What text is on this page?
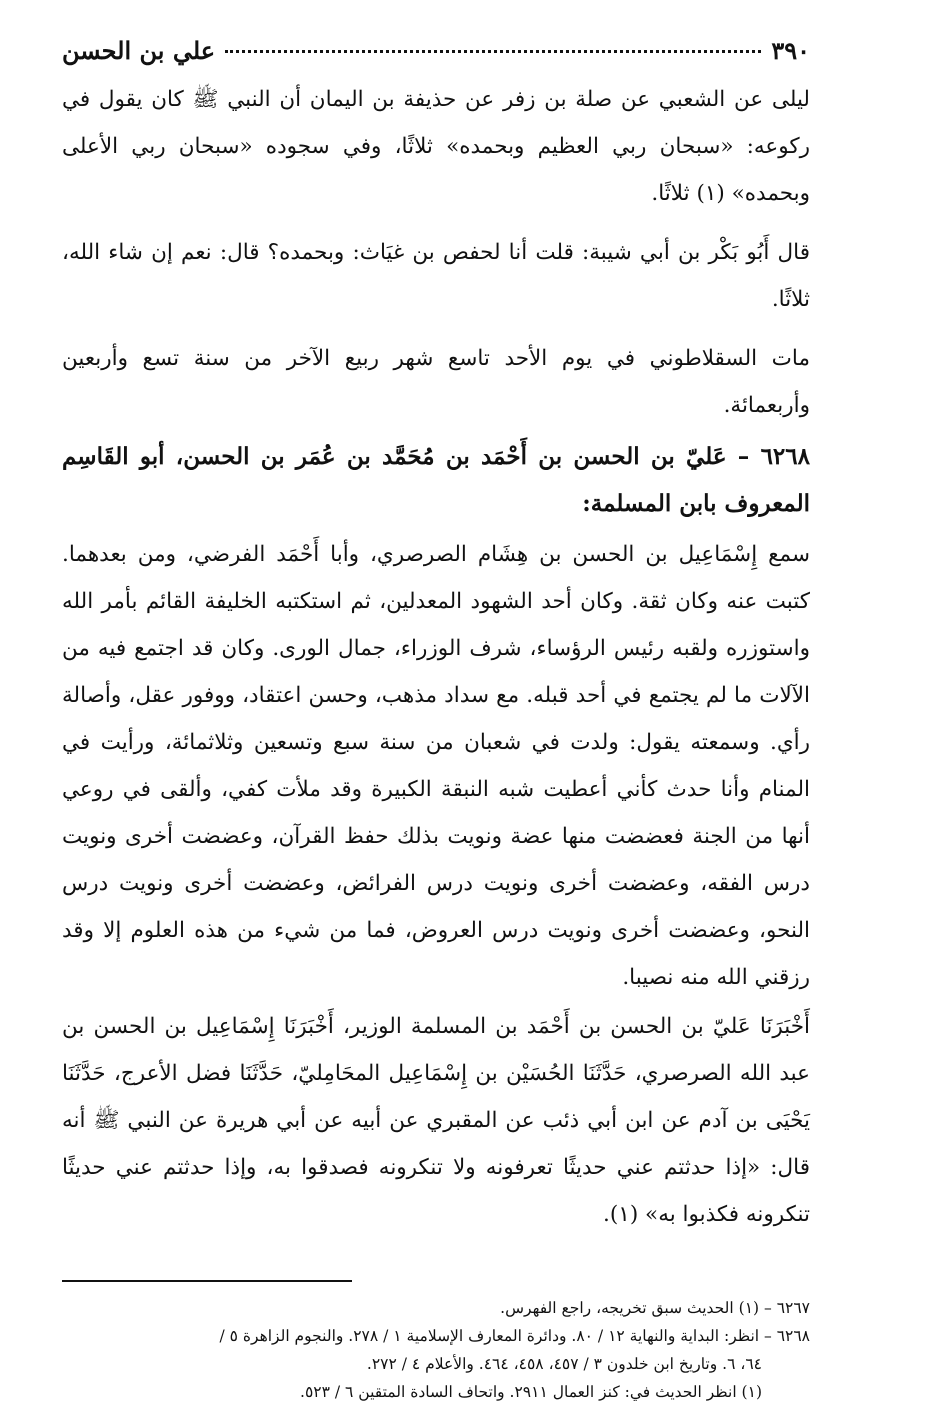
٣٩٠
علي بن الحسن

ليلى عن الشعبي عن صلة بن زفر عن حذيفة بن اليمان أن النبي ﷺ كان يقول في ركوعه: «سبحان ربي العظيم وبحمده» ثلاثًا، وفي سجوده «سبحان ربي الأعلى وبحمده» (١) ثلاثًا.

قال أَبُو بَكْر بن أبي شيبة: قلت أنا لحفص بن غيَاث: وبحمده؟ قال: نعم إن شاء الله، ثلاثًا.

مات السقلاطوني في يوم الأحد تاسع شهر ربيع الآخر من سنة تسع وأربعين وأربعمائة.

٦٢٦٨ – عَليّ بن الحسن بن أَحْمَد بن مُحَمَّد بن عُمَر بن الحسن، أبو القَاسِم المعروف بابن المسلمة:

سمع إِسْمَاعِيل بن الحسن بن هِشَام الصرصري، وأبا أَحْمَد الفرضي، ومن بعدهما. كتبت عنه وكان ثقة. وكان أحد الشهود المعدلين، ثم استكتبه الخليفة القائم بأمر الله واستوزره ولقبه رئيس الرؤساء، شرف الوزراء، جمال الورى. وكان قد اجتمع فيه من الآلات ما لم يجتمع في أحد قبله. مع سداد مذهب، وحسن اعتقاد، ووفور عقل، وأصالة رأي. وسمعته يقول: ولدت في شعبان من سنة سبع وتسعين وثلاثمائة، ورأيت في المنام وأنا حدث كأني أعطيت شبه النبقة الكبيرة وقد ملأت كفي، وألقى في روعي أنها من الجنة فعضضت منها عضة ونويت بذلك حفظ القرآن، وعضضت أخرى ونويت درس الفقه، وعضضت أخرى ونويت درس الفرائض، وعضضت أخرى ونويت درس النحو، وعضضت أخرى ونويت درس العروض، فما من شيء من هذه العلوم إلا وقد رزقني الله منه نصيبا.

أَخْبَرَنَا عَليّ بن الحسن بن أَحْمَد بن المسلمة الوزير، أَخْبَرَنَا إِسْمَاعِيل بن الحسن بن عبد الله الصرصري، حَدَّثَنَا الحُسَيْن بن إِسْمَاعِيل المحَامِليّ، حَدَّثَنَا فضل الأعرج، حَدَّثَنَا يَحْيَى بن آدم عن ابن أبي ذئب عن المقبري عن أبيه عن أبي هريرة عن النبي ﷺ أنه قال: «إذا حدثتم عني حديثًا تعرفونه ولا تنكرونه فصدقوا به، وإذا حدثتم عني حديثًا تنكرونه فكذبوا به» (١).

٦٢٦٧ – (١) الحديث سبق تخريجه، راجع الفهرس.

٦٢٦٨ – انظر: البداية والنهاية ١٢ / ٨٠. ودائرة المعارف الإسلامية ١ / ٢٧٨. والنجوم الزاهرة ٥ /

٦٤، ٦. وتاريخ ابن خلدون ٣ / ٤٥٧، ٤٥٨، ٤٦٤. والأعلام ٤ / ٢٧٢.

(١) انظر الحديث في: كنز العمال ٢٩١١. واتحاف السادة المتقين ٦ / ٥٢٣.
